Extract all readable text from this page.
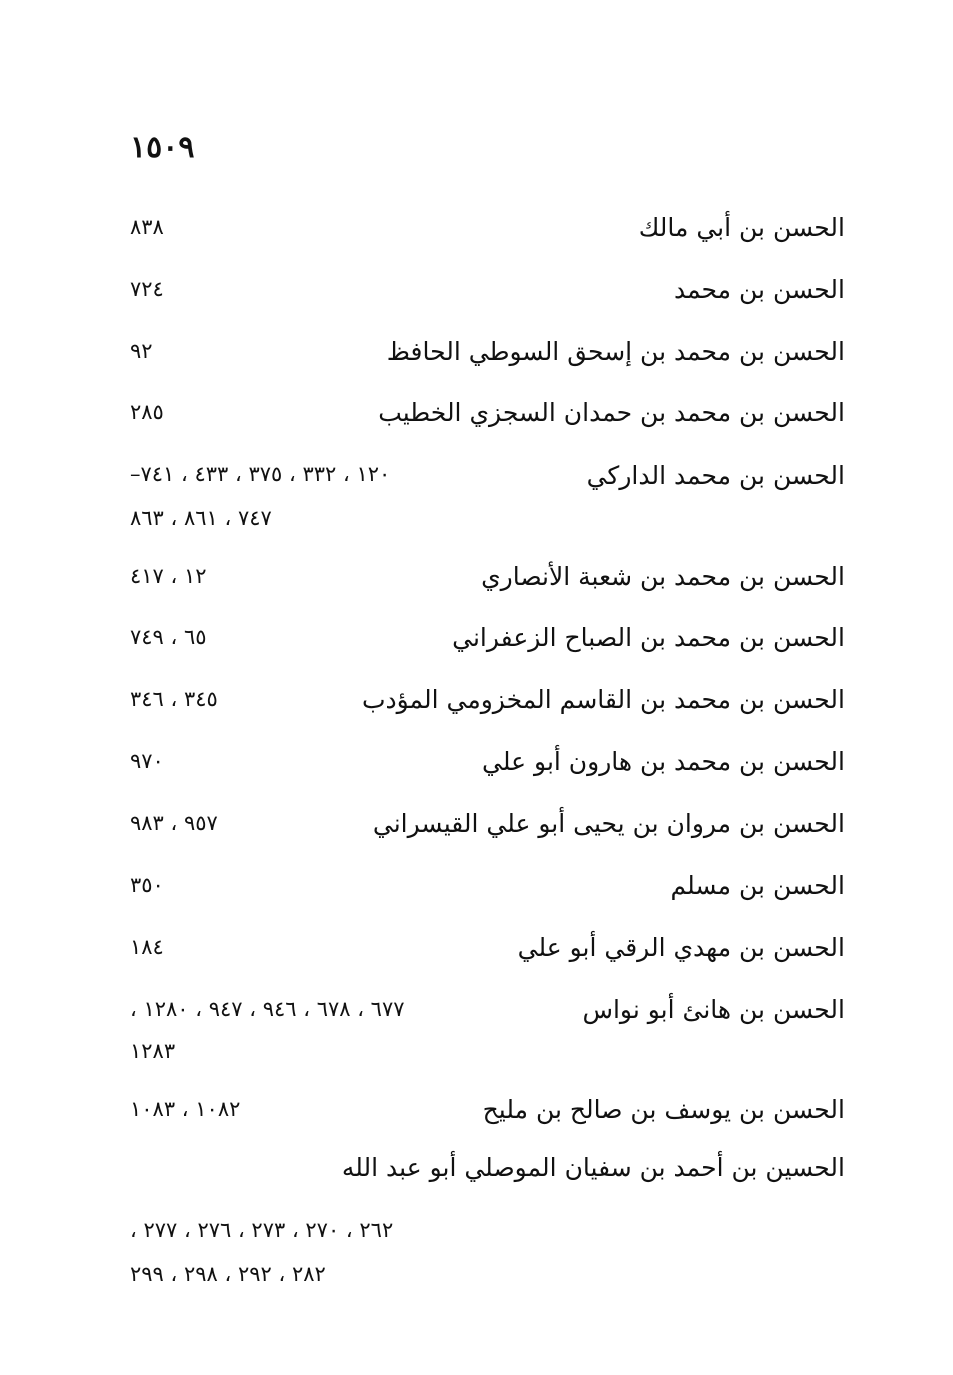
١٥٠٩
الحسن بن أبي مالك
٨٣٨
الحسن بن محمد
٧٢٤
الحسن بن محمد بن إسحق السوطي الحافظ
٩٢
الحسن بن محمد بن حمدان السجزي الخطيب
٢٨٥
الحسن بن محمد الداركي
١٢٠ ، ٣٣٢ ، ٣٧٥ ، ٤٣٣ ، ٧٤١–
٧٤٧ ، ٨٦١ ، ٨٦٣
الحسن بن محمد بن شعبة الأنصاري
١٢ ، ٤١٧
الحسن بن محمد بن الصباح الزعفراني
٦٥ ، ٧٤٩
الحسن بن محمد بن القاسم المخزومي المؤدب
٣٤٥ ، ٣٤٦
الحسن بن محمد بن هارون أبو علي
٩٧٠
الحسن بن مروان بن يحيى أبو علي القيسراني
٩٥٧ ، ٩٨٣
الحسن بن مسلم
٣٥٠
الحسن بن مهدي الرقي أبو علي
١٨٤
الحسن بن هانئ أبو نواس
٦٧٧ ، ٦٧٨ ، ٩٤٦ ، ٩٤٧ ، ١٢٨٠ ،
١٢٨٣
الحسن بن يوسف بن صالح بن مليح
١٠٨٢ ، ١٠٨٣
الحسين بن أحمد بن سفيان الموصلي أبو عبد الله
٢٦٢ ، ٢٧٠ ، ٢٧٣ ، ٢٧٦ ، ٢٧٧ ،
٢٨٢ ، ٢٩٢ ، ٢٩٨ ، ٢٩٩
